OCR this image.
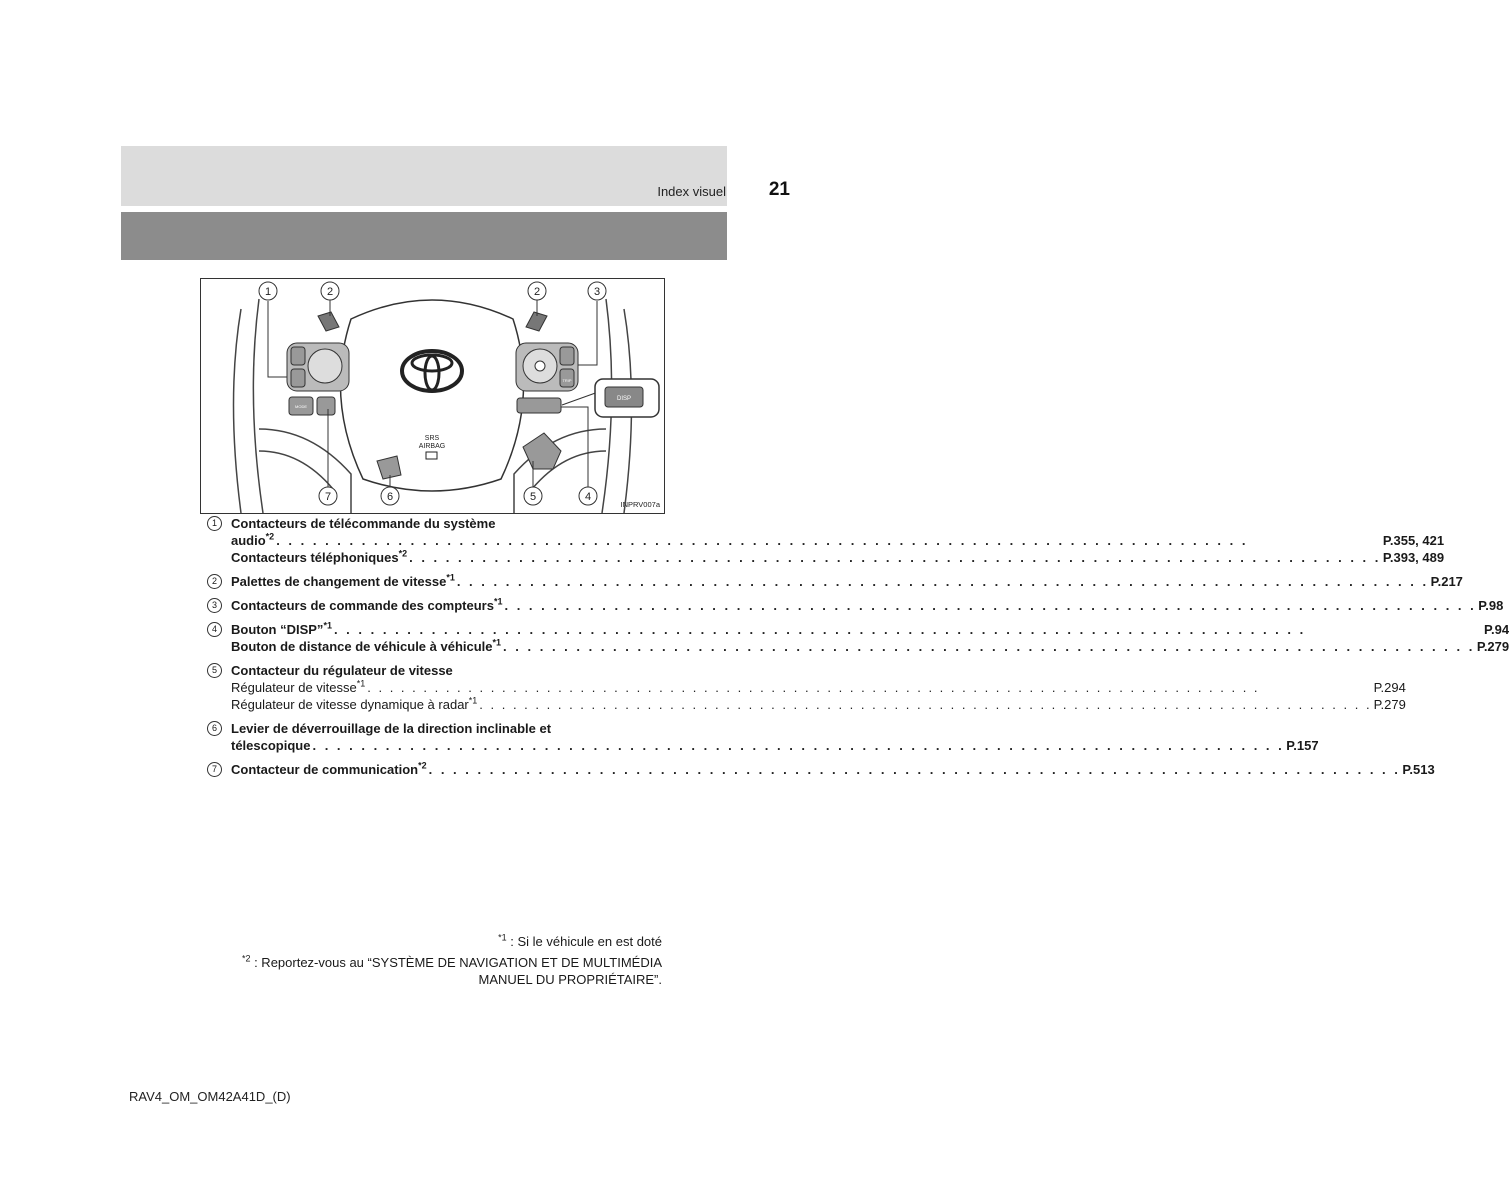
Index visuel 21
SRS
AIRBAG
MODE
TRIP
DISP
1	2	2	3
7	6	5	4
INPRV007a
1	Contacteurs de télécommande du système
audio$^{*2}$ . . . . . . . . . . . . . . . . . . . . . . . . . . . . . . . . . . . . . . . . . . . . . . . . . . . . . . . . . . . . . . . . . . . . . . . . . . . . . . . .	P.355, 421
Contacteurs téléphoniques$^{*2}$ . . . . . . . . . . . . . . . . . . . . . . . . . . . . . . . . . . . . . . . . . . . . . . . . . . . . . . . . . . . . . . . . . . . . . . . . . . . . . . . . P.393, 489
2	Palettes de changement de vitesse$^{*1}$ . . . . . . . . . . . . . . . . . . . . . . . . . . . . . . . . . . . . . . . . . . . . . . . . . . . . . . . . . . . . . . . . . . . . . . . . . . . . . . . . P.217
3	Contacteurs de commande des compteurs$^{*1}$ . . . . . . . . . . . . . . . . . . . . . . . . . . . . . . . . . . . . . . . . . . . . . . . . . . . . . . . . . . . . . . . . . . . . . . . . . . . . . . . . P.98
4	Bouton “DISP”$^{*1}$ . . . . . . . . . . . . . . . . . . . . . . . . . . . . . . . . . . . . . . . . . . . . . . . . . . . . . . . . . . . . . . . . . . . . . . . . . . . . . . . .	P.94
Bouton de distance de véhicule à véhicule$^{*1}$ . . . . . . . . . . . . . . . . . . . . . . . . . . . . . . . . . . . . . . . . . . . . . . . . . . . . . . . . . . . . . . . . . . . . . . . . . . . . . . . . P.279
5	Contacteur du régulateur de vitesse
Régulateur de vitesse$^{*1}$ . . . . . . . . . . . . . . . . . . . . . . . . . . . . . . . . . . . . . . . . . . . . . . . . . . . . . . . . . . . . . . . . . . . . . . . . . . . . . . . .	P.294
Régulateur de vitesse dynamique à radar$^{*1}$ . . . . . . . . . . . . . . . . . . . . . . . . . . . . . . . . . . . . . . . . . . . . . . . . . . . . . . . . . . . . . . . . . . . . . . . . . . . . . . . . P.279
6	Levier de déverrouillage de la direction inclinable et
télescopique . . . . . . . . . . . . . . . . . . . . . . . . . . . . . . . . . . . . . . . . . . . . . . . . . . . . . . . . . . . . . . . . . . . . . . . . . . . . . . . . P.157
7	Contacteur de communication$^{*2}$ . . . . . . . . . . . . . . . . . . . . . . . . . . . . . . . . . . . . . . . . . . . . . . . . . . . . . . . . . . . . . . . . . . . . . . . . . . . . . . . . P.513
$^{*1}$ : Si le véhicule en est doté
$^{*2}$ : Reportez-vous au “SYSTÈME DE NAVIGATION ET DE MULTIMÉDIA
MANUEL DU PROPRIÉTAIRE”.
RAV4_OM_OM42A41D_(D)
